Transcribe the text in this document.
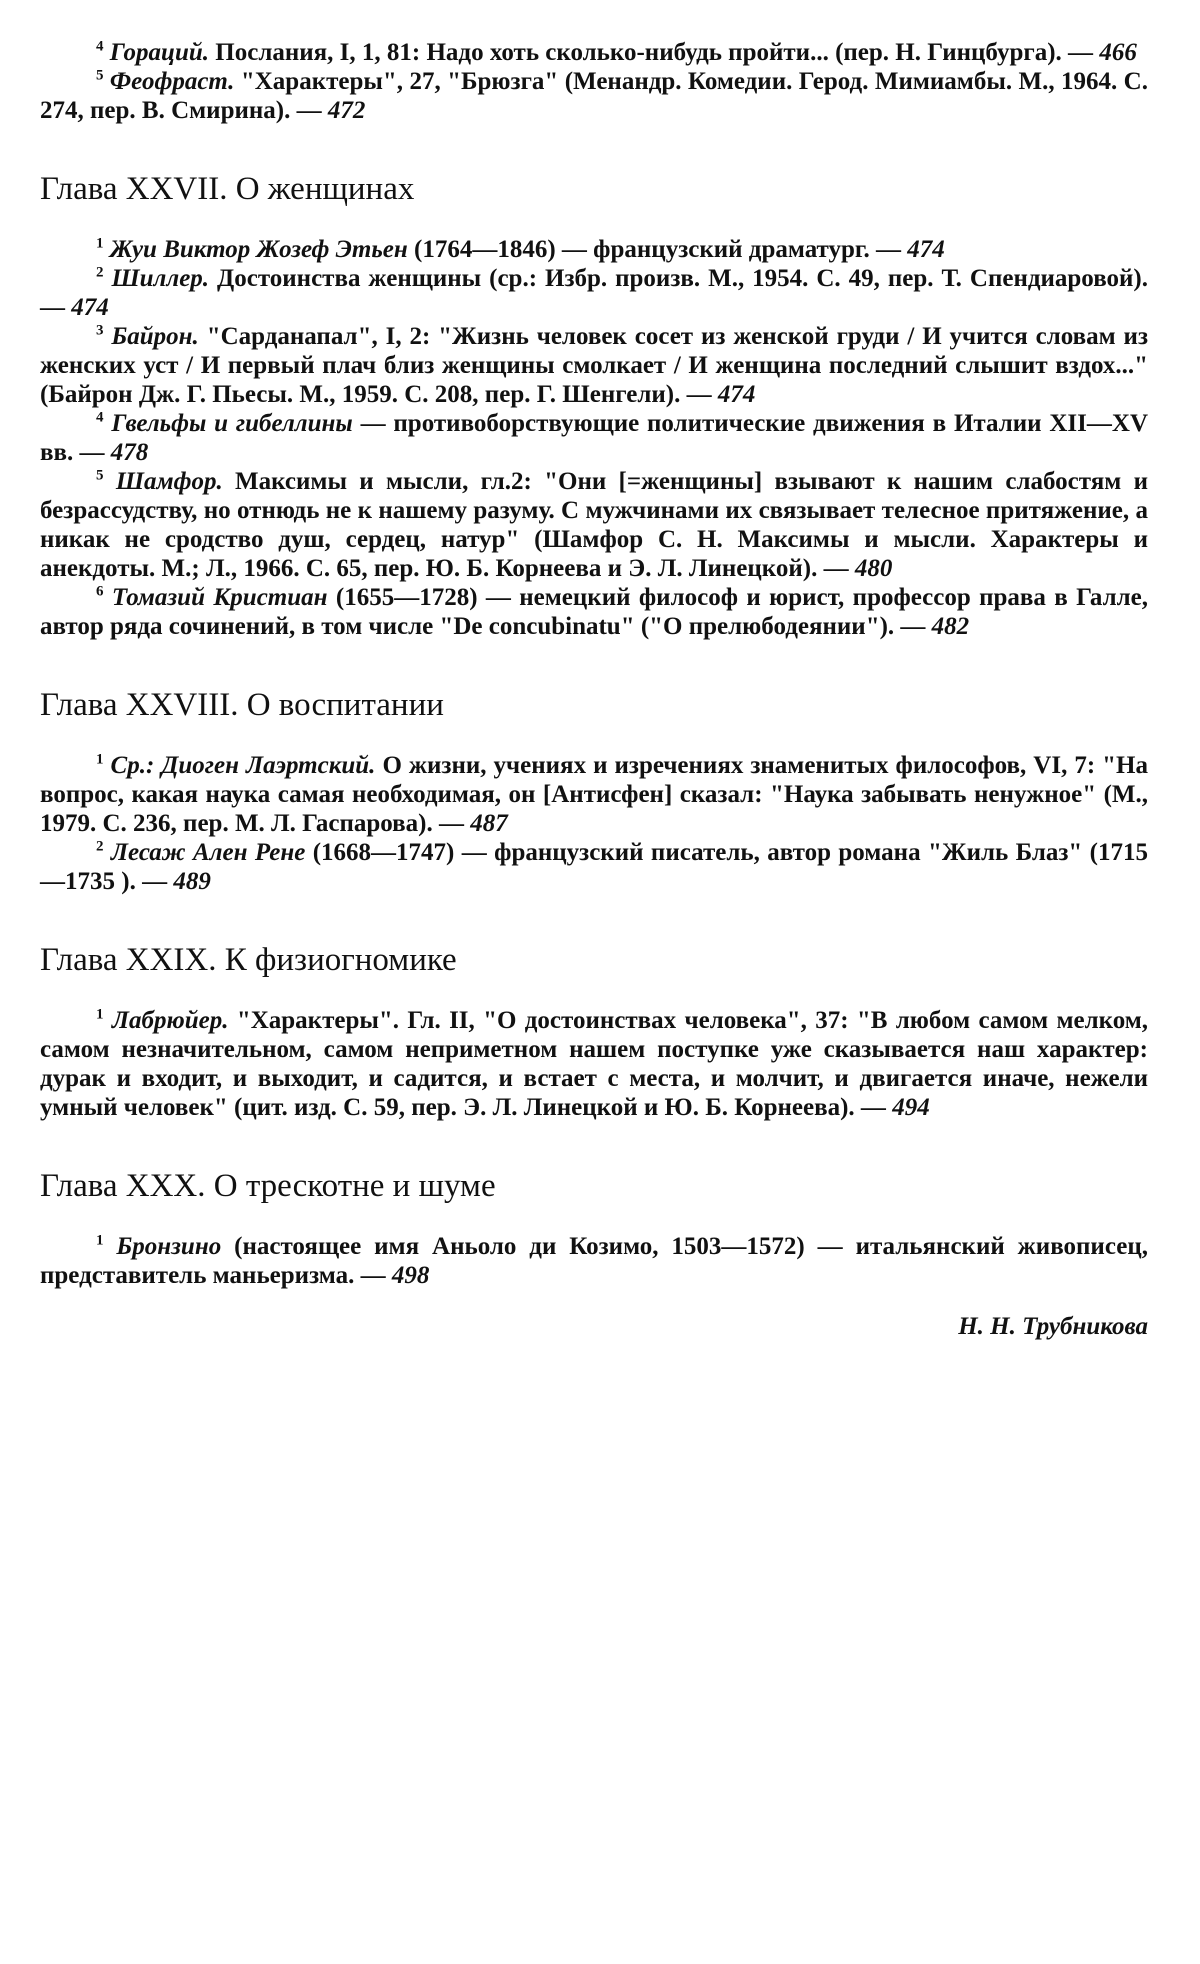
$^4$ Гораций. Послания, I, 1, 81: Надо хоть сколько-нибудь пройти... (пер. Н. Гинцбурга). — 466

$^5$ Феофраст. "Характеры", 27, "Брюзга" (Менандр. Комедии. Герод. Мимиамбы. М., 1964. С. 274, пер. В. Смирина). — 472

Глава XXVII. О женщинах

$^1$ Жуи Виктор Жозеф Этьен (1764—1846) — французский драматург. — 474

$^2$ Шиллер. Достоинства женщины (ср.: Избр. произв. М., 1954. С. 49, пер. Т. Спендиаровой). — 474

$^3$ Байрон. "Сарданапал", I, 2: "Жизнь человек сосет из женской груди / И учится словам из женских уст / И первый плач близ женщины смолкает / И женщина последний слышит вздох..." (Байрон Дж. Г. Пьесы. М., 1959. С. 208, пер. Г. Шенгели). — 474

$^4$ Гвельфы и гибеллины — противоборствующие политические движения в Италии XII—XV вв. — 478

$^5$ Шамфор. Максимы и мысли, гл.2: "Они [=женщины] взывают к нашим слабостям и безрассудству, но отнюдь не к нашему разуму. С мужчинами их связывает телесное притяжение, а никак не сродство душ, сердец, натур" (Шамфор С. Н. Максимы и мысли. Характеры и анекдоты. М.; Л., 1966. С. 65, пер. Ю. Б. Корнеева и Э. Л. Линецкой). — 480

$^6$ Томазий Кристиан (1655—1728) — немецкий философ и юрист, профессор права в Галле, автор ряда сочинений, в том числе "De concubinatu" ("О прелюбодеянии"). — 482

Глава XXVIII. О воспитании

$^1$ Ср.: Диоген Лаэртский. О жизни, учениях и изречениях знаменитых философов, VI, 7: "На вопрос, какая наука самая необходимая, он [Антисфен] сказал: "Наука забывать ненужное" (М., 1979. С. 236, пер. М. Л. Гаспарова). — 487

$^2$ Лесаж Ален Рене (1668—1747) — французский писатель, автор романа "Жиль Блаз" (1715—1735 ). — 489

Глава XXIX. К физиогномике

$^1$ Лабрюйер. "Характеры". Гл. II, "О достоинствах человека", 37: "В любом самом мелком, самом незначительном, самом неприметном нашем поступке уже сказывается наш характер: дурак и входит, и выходит, и садится, и встает с места, и молчит, и двигается иначе, нежели умный человек" (цит. изд. С. 59, пер. Э. Л. Линецкой и Ю. Б. Корнеева). — 494

Глава XXX. О трескотне и шуме

$^1$ Бронзино (настоящее имя Аньоло ди Козимо, 1503—1572) — итальянский живописец, представитель маньеризма. — 498

Н. Н. Трубникова
